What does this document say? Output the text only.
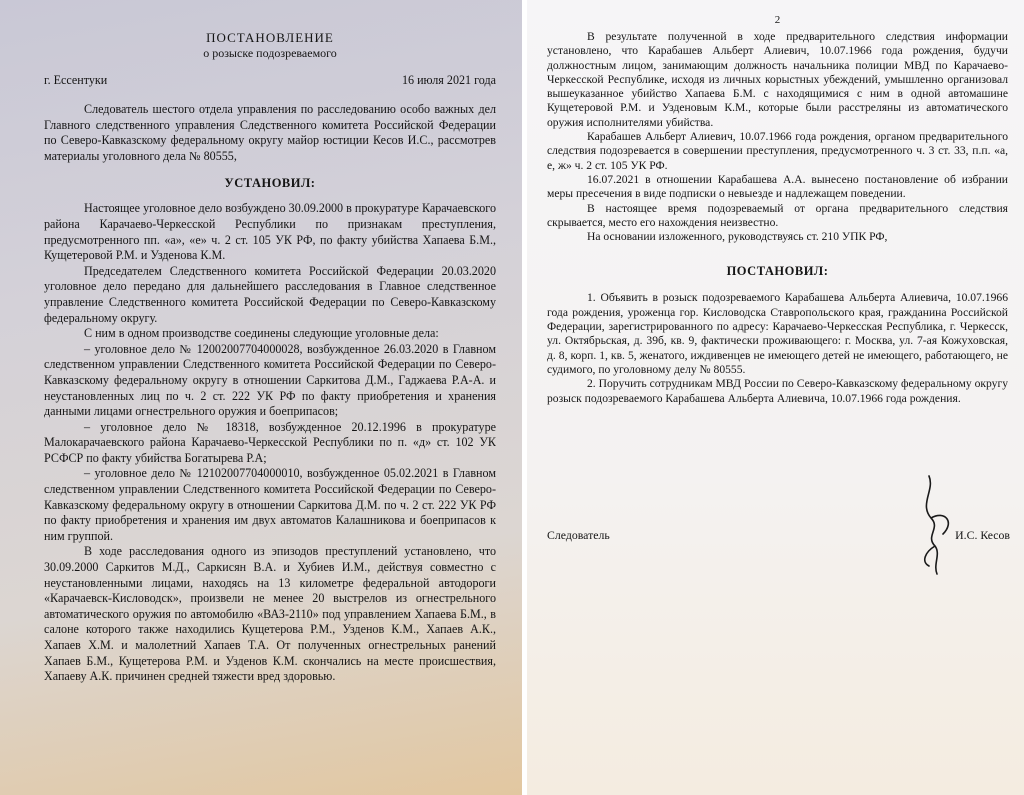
ПОСТАНОВЛЕНИЕ

о розыске подозреваемого

г. Ессентуки	16 июля 2021 года

Следователь шестого отдела управления по расследованию особо важных дел Главного следственного управления Следственного комитета Российской Федерации по Северо-Кавказскому федеральному округу майор юстиции Кесов И.С., рассмотрев материалы уголовного дела № 80555,

УСТАНОВИЛ:

Настоящее уголовное дело возбуждено 30.09.2000 в прокуратуре Карачаевского района Карачаево-Черкесской Республики по признакам преступления, предусмотренного пп. «а», «е» ч. 2 ст. 105 УК РФ, по факту убийства Хапаева Б.М., Кущетеровой Р.М. и Узденова К.М.

Председателем Следственного комитета Российской Федерации 20.03.2020 уголовное дело передано для дальнейшего расследования в Главное следственное управление Следственного комитета Российской Федерации по Северо-Кавказскому федеральному округу.

С ним в одном производстве соединены следующие уголовные дела:

– уголовное дело № 12002007704000028, возбужденное 26.03.2020 в Главном следственном управлении Следственного комитета Российской Федерации по Северо-Кавказскому федеральному округу в отношении Саркитова Д.М., Гаджаева Р.А-А. и неустановленных лиц по ч. 2 ст. 222 УК РФ по факту приобретения и хранения данными лицами огнестрельного оружия и боеприпасов;

– уголовное дело № 18318, возбужденное 20.12.1996 в прокуратуре Малокарачаевского района Карачаево-Черкесской Республики по п. «д» ст. 102 УК РСФСР по факту убийства Богатырева Р.А;

– уголовное дело № 12102007704000010, возбужденное 05.02.2021 в Главном следственном управлении Следственного комитета Российской Федерации по Северо-Кавказскому федеральному округу в отношении Саркитова Д.М. по ч. 2 ст. 222 УК РФ по факту приобретения и хранения им двух автоматов Калашникова и боеприпасов к ним группой.

В ходе расследования одного из эпизодов преступлений установлено, что 30.09.2000 Саркитов М.Д., Саркисян В.А. и Хубиев И.М., действуя совместно с неустановленными лицами, находясь на 13 километре федеральной автодороги «Карачаевск-Кисловодск», произвели не менее 20 выстрелов из огнестрельного автоматического оружия по автомобилю «ВАЗ-2110» под управлением Хапаева Б.М., в салоне которого также находились Кущетерова Р.М., Узденов К.М., Хапаев А.К., Хапаев Х.М. и малолетний Хапаев Т.А. От полученных огнестрельных ранений Хапаев Б.М., Кущетерова Р.М. и Узденов К.М. скончались на месте происшествия, Хапаеву А.К. причинен средней тяжести вред здоровью.

2

В результате полученной в ходе предварительного следствия информации установлено, что Карабашев Альберт Алиевич, 10.07.1966 года рождения, будучи должностным лицом, занимающим должность начальника полиции МВД по Карачаево-Черкесской Республике, исходя из личных корыстных убеждений, умышленно организовал вышеуказанное убийство Хапаева Б.М. с находящимися с ним в одной автомашине Кущетеровой Р.М. и Узденовым К.М., которые были расстреляны из автоматического оружия исполнителями убийства.

Карабашев Альберт Алиевич, 10.07.1966 года рождения, органом предварительного следствия подозревается в совершении преступления, предусмотренного ч. 3 ст. 33, п.п. «а, е, ж» ч. 2 ст. 105 УК РФ.

16.07.2021 в отношении Карабашева А.А. вынесено постановление об избрании меры пресечения в виде подписки о невыезде и надлежащем поведении.

В настоящее время подозреваемый от органа предварительного следствия скрывается, место его нахождения неизвестно.

На основании изложенного, руководствуясь ст. 210 УПК РФ,

ПОСТАНОВИЛ:

1. Объявить в розыск подозреваемого Карабашева Альберта Алиевича, 10.07.1966 года рождения, уроженца гор. Кисловодска Ставропольского края, гражданина Российской Федерации, зарегистрированного по адресу: Карачаево-Черкесская Республика, г. Черкесск, ул. Октябрьская, д. 39б, кв. 9, фактически проживающего: г. Москва, ул. 7-ая Кожуховская, д. 8, корп. 1, кв. 5, женатого, иждивенцев не имеющего детей не имеющего, работающего, не судимого, по уголовному делу № 80555.

2. Поручить сотрудникам МВД России по Северо-Кавказскому федеральному округу розыск подозреваемого Карабашева Альберта Алиевича, 10.07.1966 года рождения.

Следователь	И.С. Кесов
